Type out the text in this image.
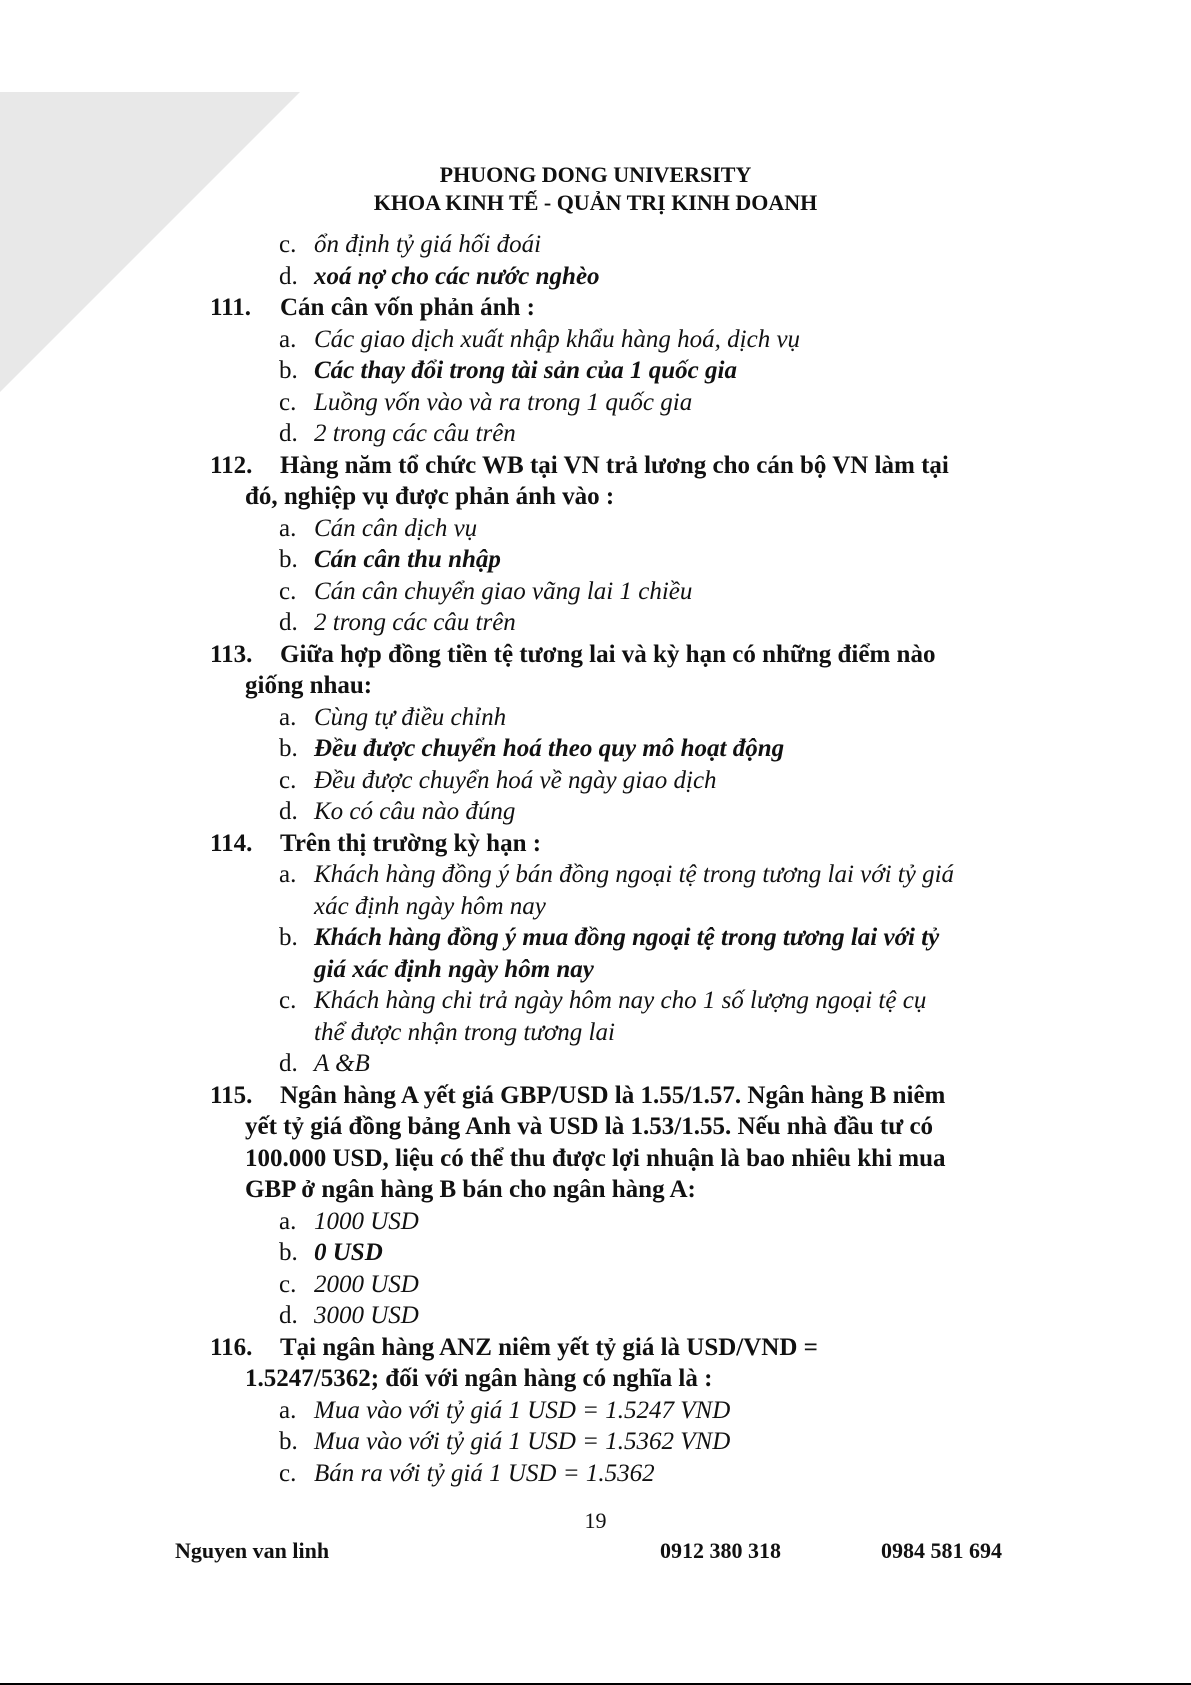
PHUONG DONG UNIVERSITY
KHOA KINH TẾ - QUẢN TRỊ KINH DOANH
c. ổn định tỷ giá hối đoái
d. xoá nợ cho các nước nghèo
111. Cán cân vốn phản ánh :
a. Các giao dịch xuất nhập khẩu hàng hoá, dịch vụ
b. Các thay đổi trong tài sản của 1 quốc gia
c. Luồng vốn vào và ra trong 1 quốc gia
d. 2 trong các câu trên
112. Hàng năm tổ chức WB tại VN trả lương cho cán bộ VN làm tại
đó, nghiệp vụ được phản ánh vào :
a. Cán cân dịch vụ
b. Cán cân thu nhập
c. Cán cân chuyển giao vãng lai 1 chiều
d. 2 trong các câu trên
113. Giữa hợp đồng tiền tệ tương lai và kỳ hạn có những điểm nào
giống nhau:
a. Cùng tự điều chỉnh
b. Đều được chuyển hoá theo quy mô hoạt động
c. Đều được chuyển hoá về ngày giao dịch
d. Ko có câu nào đúng
114. Trên thị trường kỳ hạn :
a. Khách hàng đồng ý bán đồng ngoại tệ trong tương lai với tỷ giá
xác định ngày hôm nay
b. Khách hàng đồng ý mua đồng ngoại tệ trong tương lai với tỷ
giá xác định ngày hôm nay
c. Khách hàng chi trả ngày hôm nay cho 1 số lượng ngoại tệ cụ
thể được nhận trong tương lai
d. A &B
115. Ngân hàng A yết giá GBP/USD là 1.55/1.57. Ngân hàng B niêm
yết tỷ giá đồng bảng Anh và USD là 1.53/1.55. Nếu nhà đầu tư có
100.000 USD, liệu có thể thu được lợi nhuận là bao nhiêu khi mua
GBP ở ngân hàng B bán cho ngân hàng A:
a. 1000 USD
b. 0 USD
c. 2000 USD
d. 3000 USD
116. Tại ngân hàng ANZ niêm yết tỷ giá là USD/VND =
1.5247/5362; đối với ngân hàng có nghĩa là :
a. Mua vào với tỷ giá 1 USD = 1.5247 VND
b. Mua vào với tỷ giá 1 USD = 1.5362 VND
c. Bán ra với tỷ giá 1 USD = 1.5362
19
Nguyen van linh	0912 380 318	0984 581 694
